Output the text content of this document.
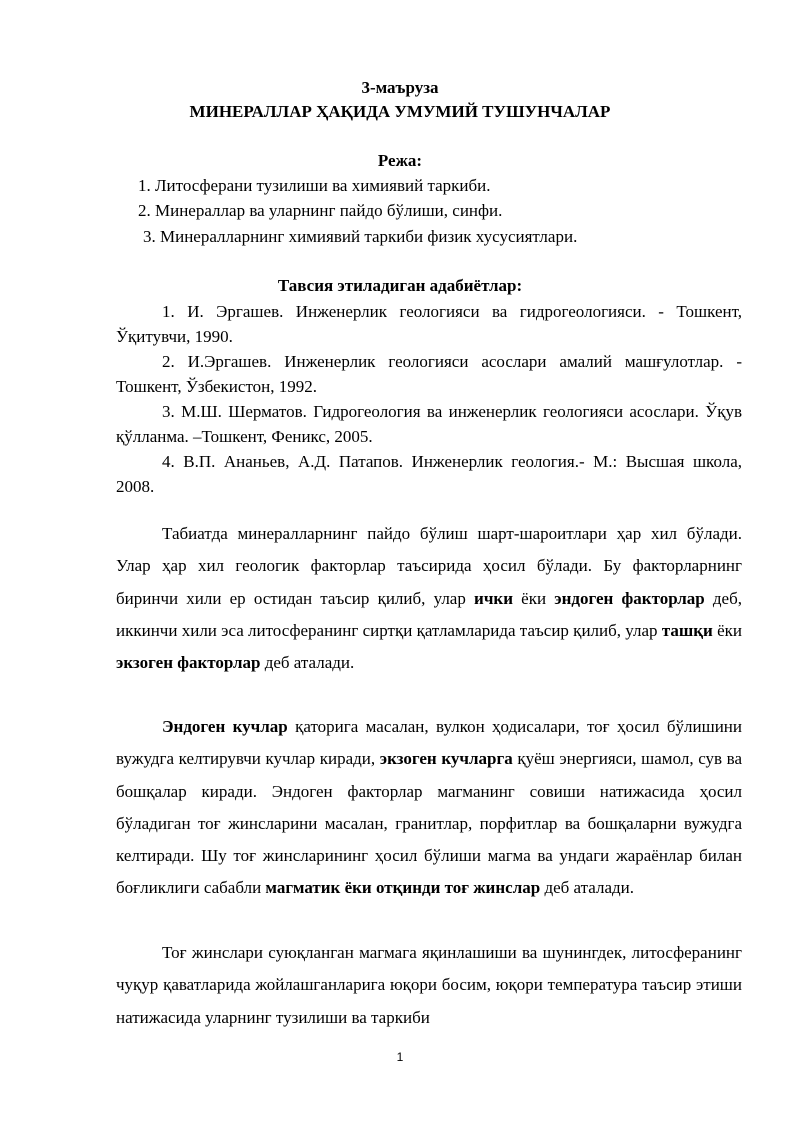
3-маъруза
МИНЕРАЛЛАР ҲАҚИДА УМУМИЙ ТУШУНЧАЛАР
Режа:
1. Литосферани тузилиши ва химиявий таркиби.
2. Минераллар ва уларнинг пайдо бўлиши, синфи.
3. Минералларнинг химиявий таркиби физик хусусиятлари.
Тавсия этиладиган адабиётлар:
1. И. Эргашев. Инженерлик геологияси ва гидрогеологияси. - Тошкент, Ўқитувчи, 1990.
2. И.Эргашев. Инженерлик геологияси асослари амалий машғулотлар. - Тошкент, Ўзбекистон, 1992.
3. М.Ш. Шерматов. Гидрогеология ва инженерлик геологияси асослари. Ўқув қўлланма. –Тошкент, Феникс, 2005.
4. В.П. Ананьев, А.Д. Патапов. Инженерлик геология.- М.: Высшая школа, 2008.
Табиатда минералларнинг пайдо бўлиш шарт-шароитлари ҳар хил бўлади. Улар ҳар хил геологик факторлар таъсирида ҳосил бўлади. Бу факторларнинг биринчи хили ер остидан таъсир қилиб, улар ички ёки эндоген факторлар деб, иккинчи хили эса литосферанинг сиртқи қатламларида таъсир қилиб, улар ташқи ёки экзоген факторлар деб аталади.
Эндоген кучлар қаторига масалан, вулкон ҳодисалари, тоғ ҳосил бўлишини вужудга келтирувчи кучлар киради, экзоген кучларга қуёш энергияси, шамол, сув ва бошқалар киради. Эндоген факторлар магманинг совиши натижасида ҳосил бўладиган тоғ жинсларини масалан, гранитлар, порфитлар ва бошқаларни вужудга келтиради. Шу тоғ жинсларининг ҳосил бўлиши магма ва ундаги жараёнлар билан боғликлиги сабабли магматик ёки отқинди тоғ жинслар деб аталади.
Тоғ жинслари суюқланган магмага яқинлашиши ва шунингдек, литосферанинг чуқур қаватларида жойлашганларига юқори босим, юқори температура таъсир этиши натижасида уларнинг тузилиши ва таркиби
1
